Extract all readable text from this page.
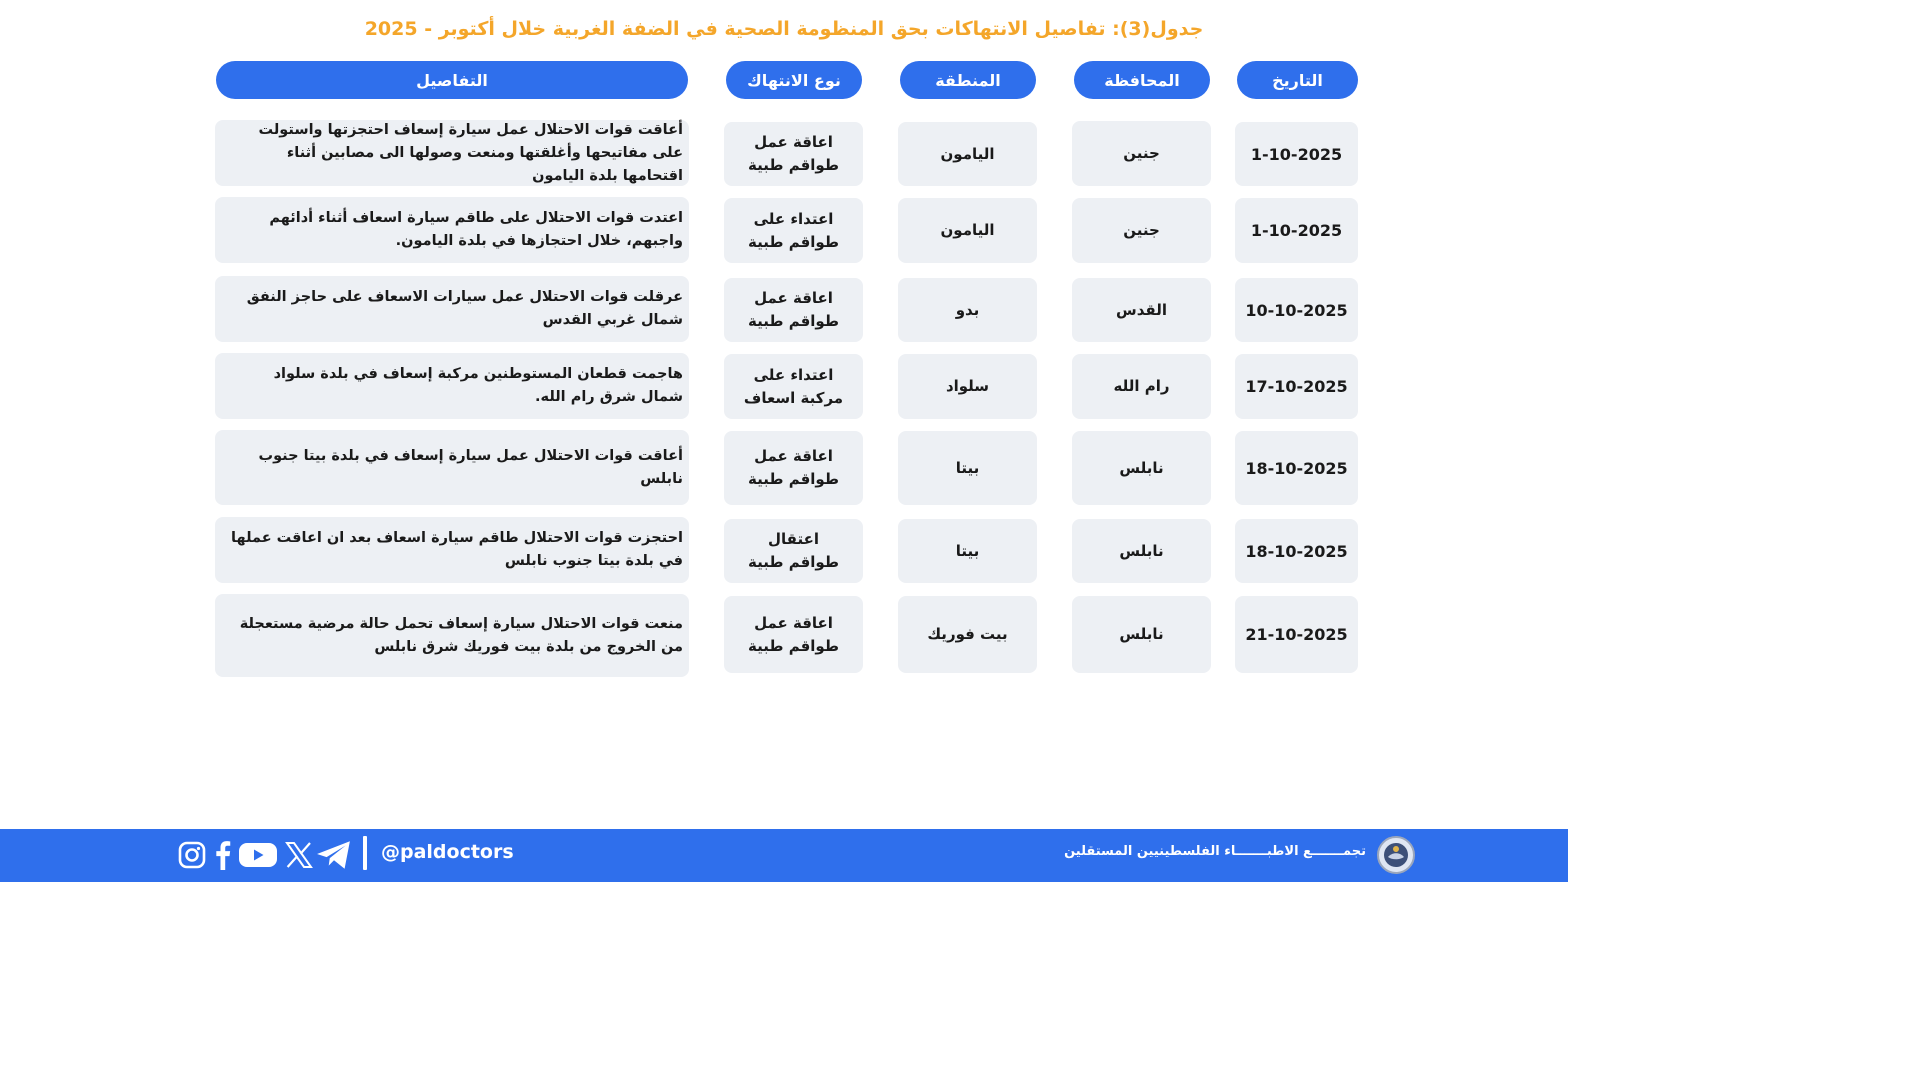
جدول(3): تفاصيل الانتهاكات بحق المنظومة الصحية في الضفة الغربية خلال أكتوبر - 2025
التاريخ
المحافظة
المنطقة
نوع الانتهاك
التفاصيل
1-10-2025
جنين
اليامون
اعاقة عمل طواقم طبية
أعاقت قوات الاحتلال عمل سيارة إسعاف احتجزتها واستولت على مفاتيحها وأغلقتها ومنعت وصولها الى مصابين أثناء اقتحامها بلدة اليامون
1-10-2025
جنين
اليامون
اعتداء على طواقم طبية
اعتدت قوات الاحتلال على طاقم سيارة اسعاف أثناء أدائهم واجبهم، خلال احتجازها في بلدة اليامون.
10-10-2025
القدس
بدو
اعاقة عمل طواقم طبية
عرقلت قوات الاحتلال عمل سيارات الاسعاف على حاجز النفق شمال غربي القدس
17-10-2025
رام الله
سلواد
اعتداء على مركبة اسعاف
هاجمت قطعان المستوطنين مركبة إسعاف في بلدة سلواد شمال شرق رام الله.
18-10-2025
نابلس
بيتا
اعاقة عمل طواقم طبية
أعاقت قوات الاحتلال عمل سيارة إسعاف في بلدة بيتا جنوب نابلس
18-10-2025
نابلس
بيتا
اعتقال طواقم طبية
احتجزت قوات الاحتلال طاقم سيارة اسعاف بعد ان اعاقت عملها في بلدة بيتا جنوب نابلس
21-10-2025
نابلس
بيت فوريك
اعاقة عمل طواقم طبية
منعت قوات الاحتلال سيارة إسعاف تحمل حالة مرضية مستعجلة من الخروج من بلدة بيت فوريك شرق نابلس
@paldoctors	تجمـــــــع الاطبـــــــاء الفلسطينيين المستقلين
